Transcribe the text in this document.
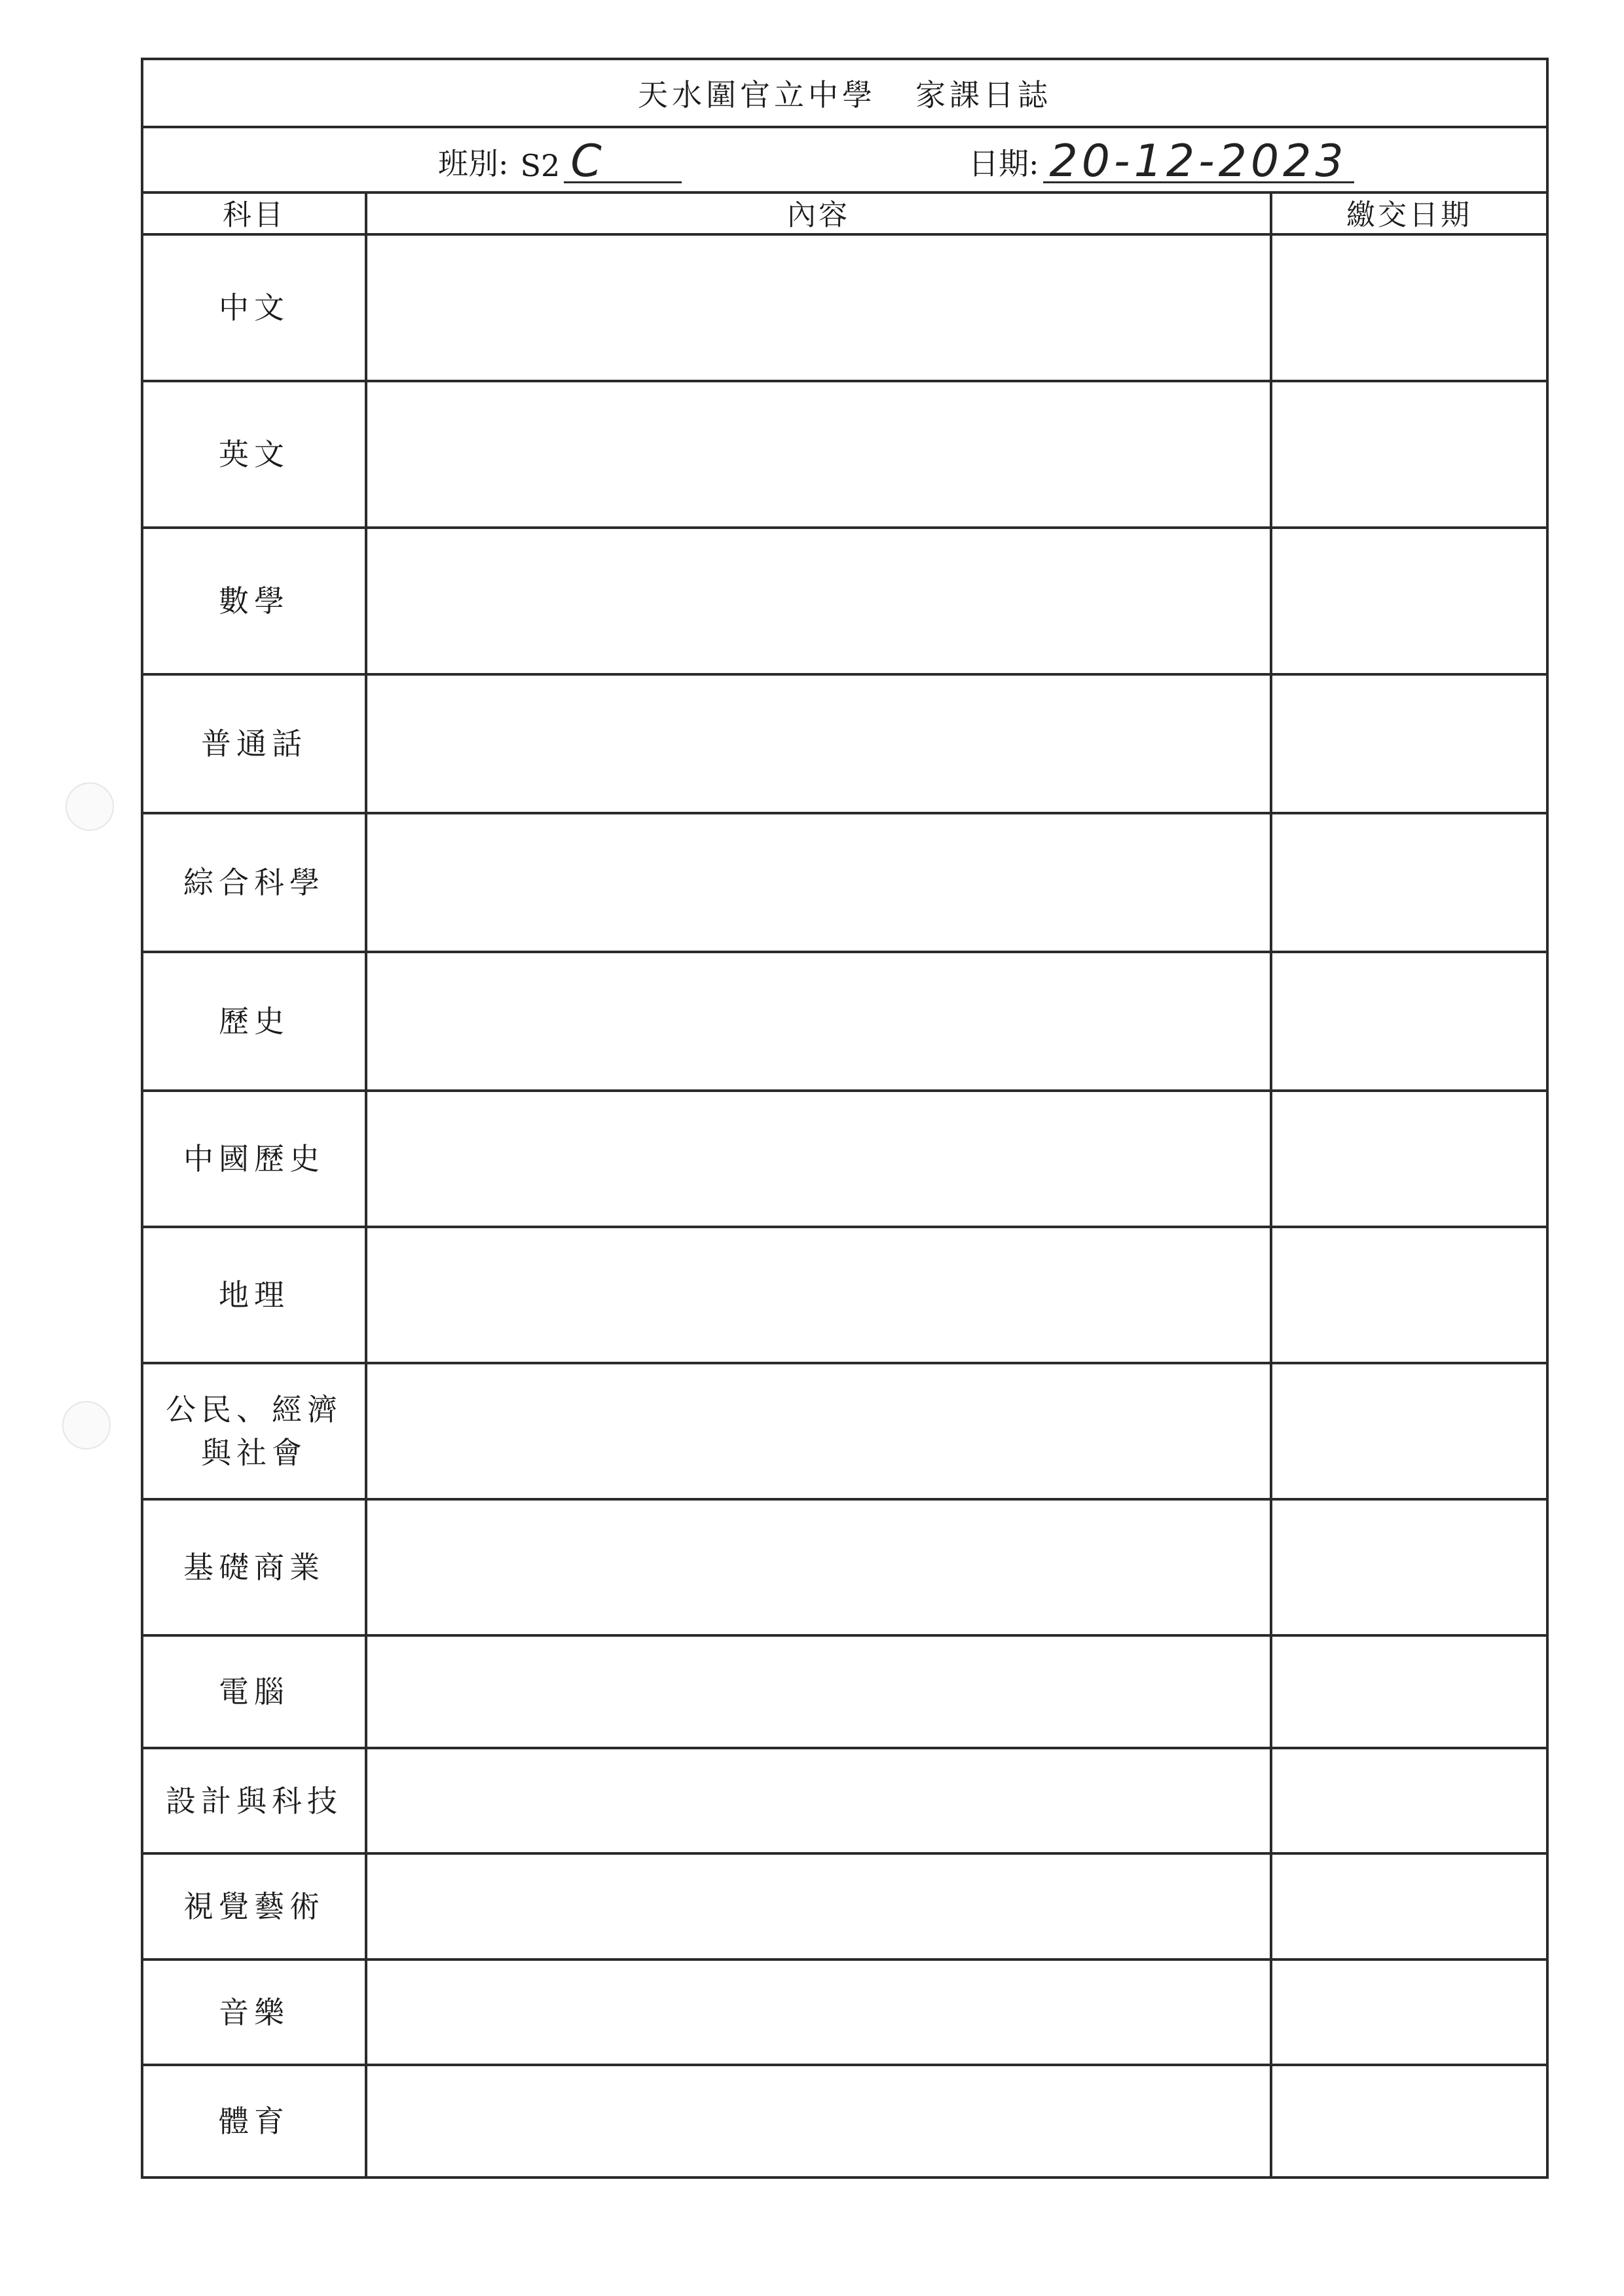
天水圍官立中學 家課日誌
班別: S2 C	日期: 20-12-2023
科目	內容	繳交日期
中文		
英文		
數學		
普通話		
綜合科學		
歷史		
中國歷史		
地理		
公民、經濟與社會		
基礎商業		
電腦		
設計與科技		
視覺藝術		
音樂		
體育		
